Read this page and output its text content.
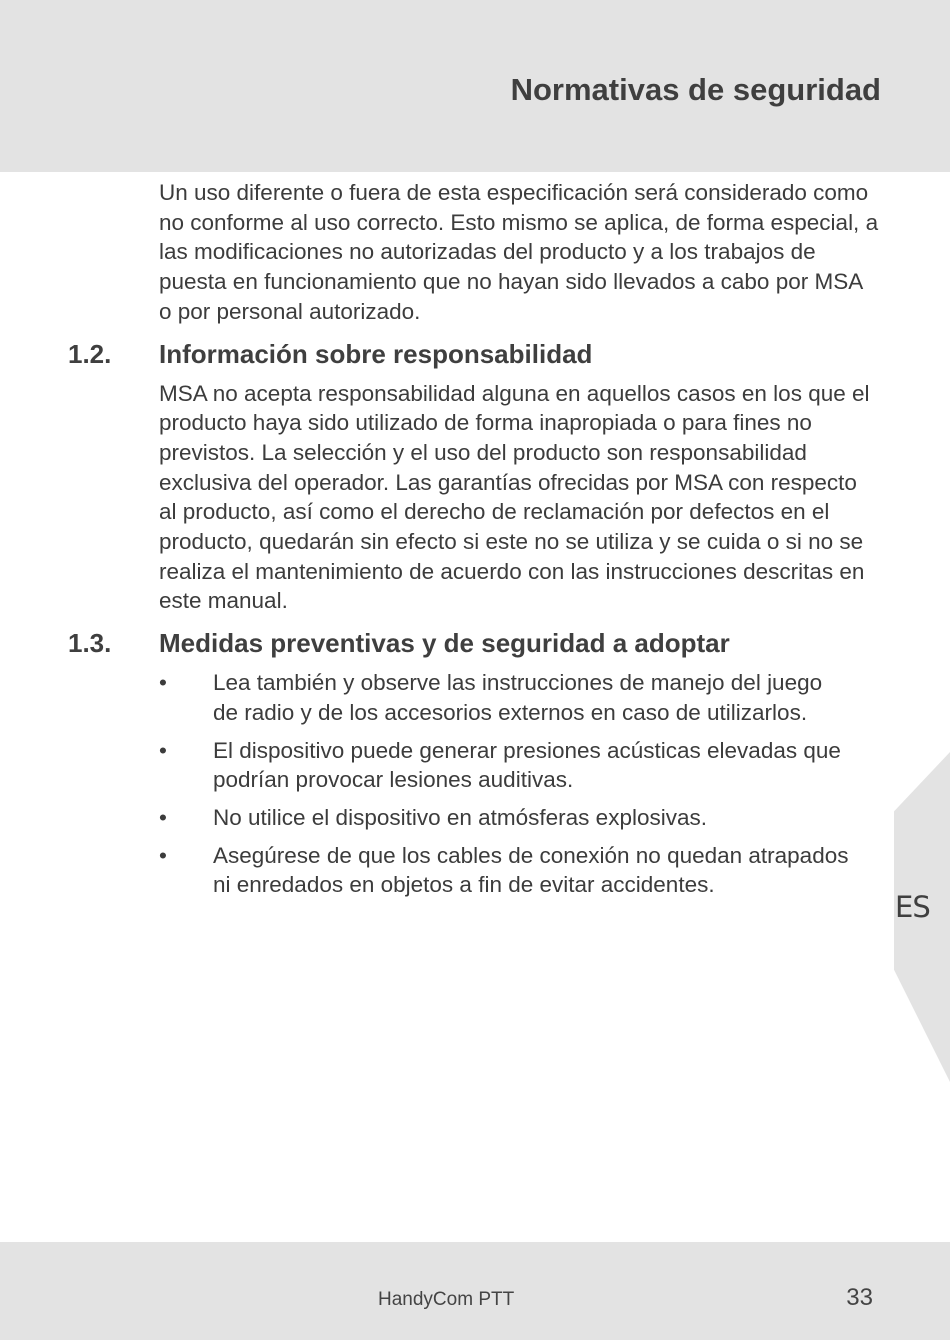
Normativas de seguridad

Un uso diferente o fuera de esta especificación será considerado como no conforme al uso correcto. Esto mismo se aplica, de forma especial, a las modificaciones no autorizadas del producto y a los trabajos de puesta en funcionamiento que no hayan sido llevados a cabo por MSA o por personal autorizado.

1.2. Información sobre responsabilidad

MSA no acepta responsabilidad alguna en aquellos casos en los que el producto haya sido utilizado de forma inapropiada o para fines no previstos. La selección y el uso del producto son responsabilidad exclusiva del operador. Las garantías ofrecidas por MSA con respecto al producto, así como el derecho de reclamación por defectos en el producto, quedarán sin efecto si este no se utiliza y se cuida o si no se realiza el mantenimiento de acuerdo con las instrucciones descritas en este manual.

1.3. Medidas preventivas y de seguridad a adoptar
• Lea también y observe las instrucciones de manejo del juego de radio y de los accesorios externos en caso de utilizarlos.
• El dispositivo puede generar presiones acústicas elevadas que podrían provocar lesiones auditivas.
• No utilice el dispositivo en atmósferas explosivas.
• Asegúrese de que los cables de conexión no quedan atrapados ni enredados en objetos a fin de evitar accidentes.
ES
HandyCom PTT	33
